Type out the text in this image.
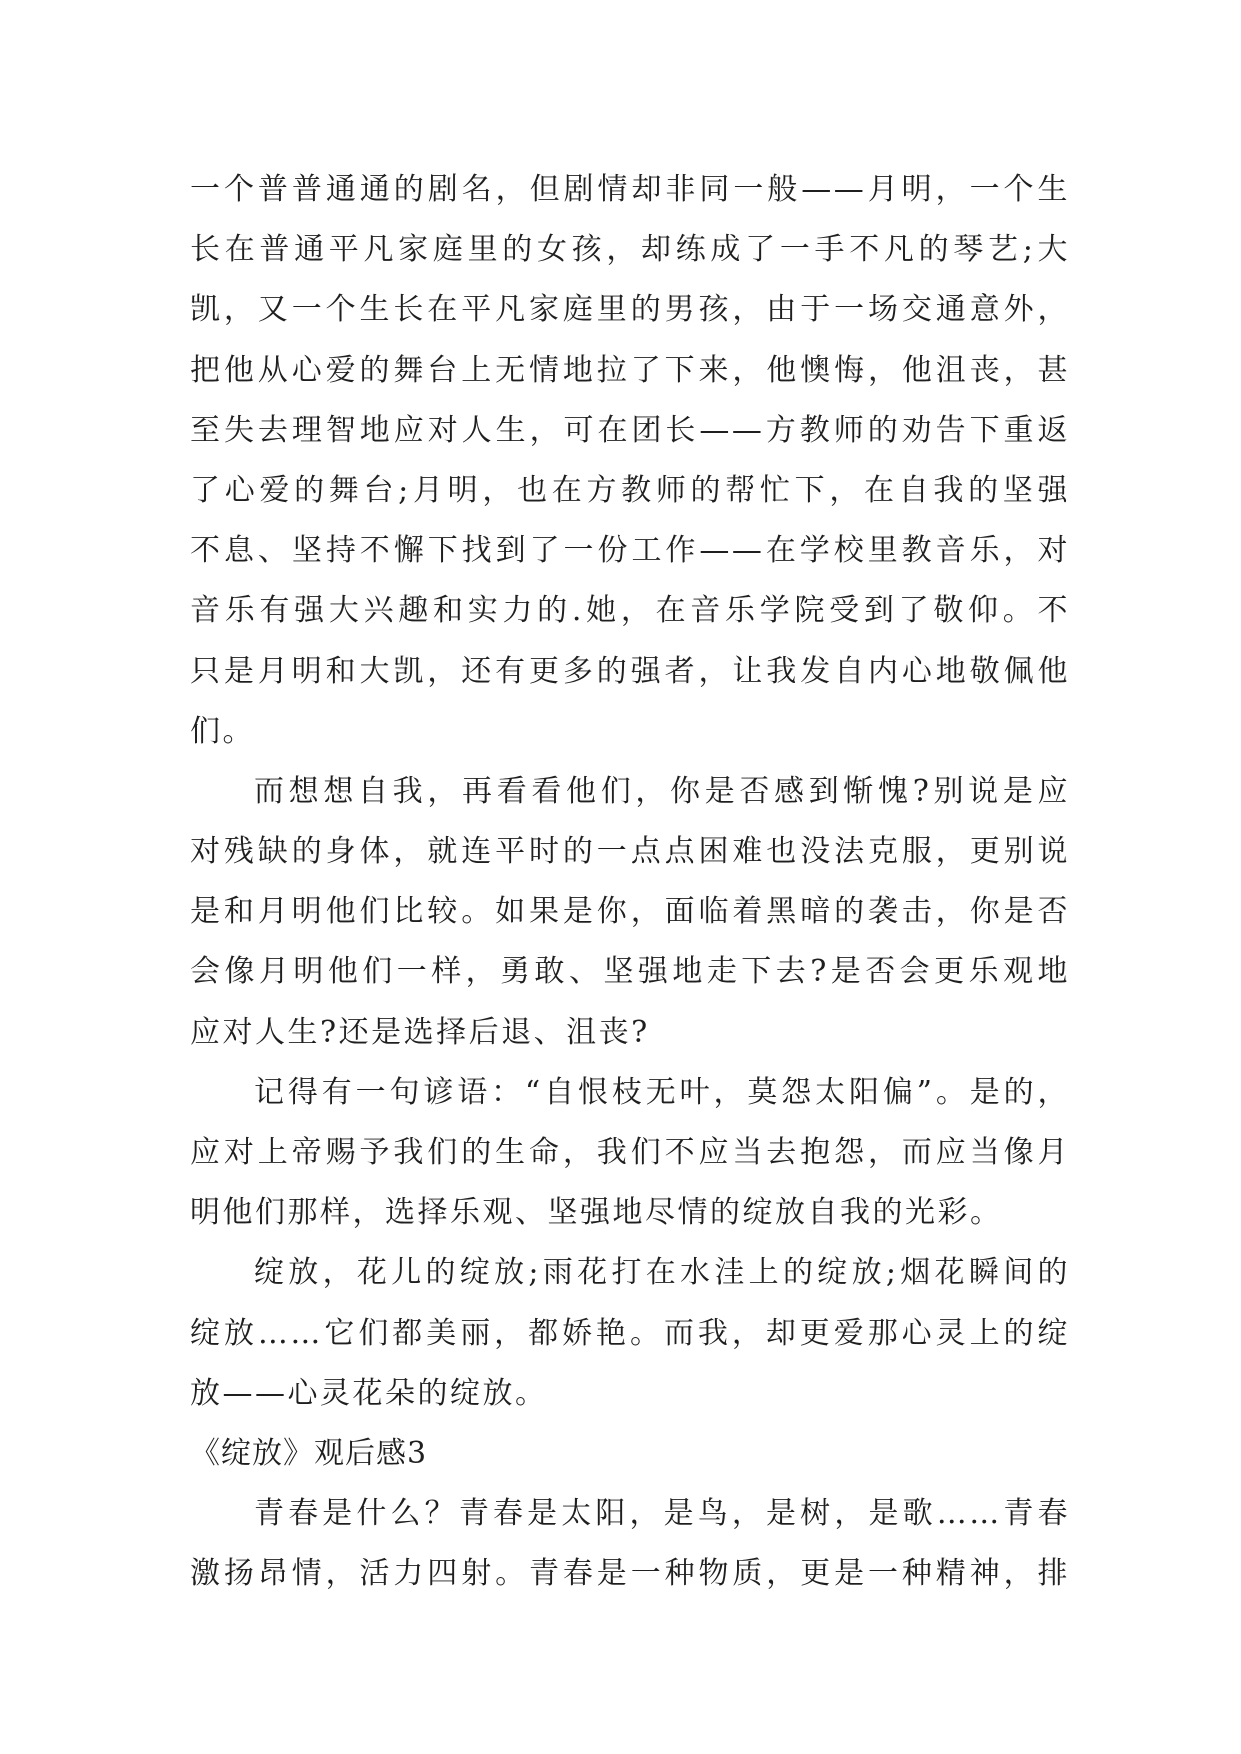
一个普普通通的剧名，但剧情却非同一般——月明，一个生
长在普通平凡家庭里的女孩，却练成了一手不凡的琴艺;大
凯，又一个生长在平凡家庭里的男孩，由于一场交通意外，
把他从心爱的舞台上无情地拉了下来，他懊悔，他沮丧，甚
至失去理智地应对人生，可在团长——方教师的劝告下重返
了心爱的舞台;月明，也在方教师的帮忙下，在自我的坚强
不息、坚持不懈下找到了一份工作——在学校里教音乐，对
音乐有强大兴趣和实力的.她，在音乐学院受到了敬仰。不
只是月明和大凯，还有更多的强者，让我发自内心地敬佩他
们。
而想想自我，再看看他们，你是否感到惭愧?别说是应
对残缺的身体，就连平时的一点点困难也没法克服，更别说
是和月明他们比较。如果是你，面临着黑暗的袭击，你是否
会像月明他们一样，勇敢、坚强地走下去?是否会更乐观地
应对人生?还是选择后退、沮丧?
记得有一句谚语：“自恨枝无叶，莫怨太阳偏”。是的，
应对上帝赐予我们的生命，我们不应当去抱怨，而应当像月
明他们那样，选择乐观、坚强地尽情的绽放自我的光彩。
绽放，花儿的绽放;雨花打在水洼上的绽放;烟花瞬间的
绽放……它们都美丽，都娇艳。而我，却更爱那心灵上的绽
放——心灵花朵的绽放。
《绽放》观后感3
青春是什么？青春是太阳，是鸟，是树，是歌……青春
激扬昂情，活力四射。青春是一种物质，更是一种精神，排
